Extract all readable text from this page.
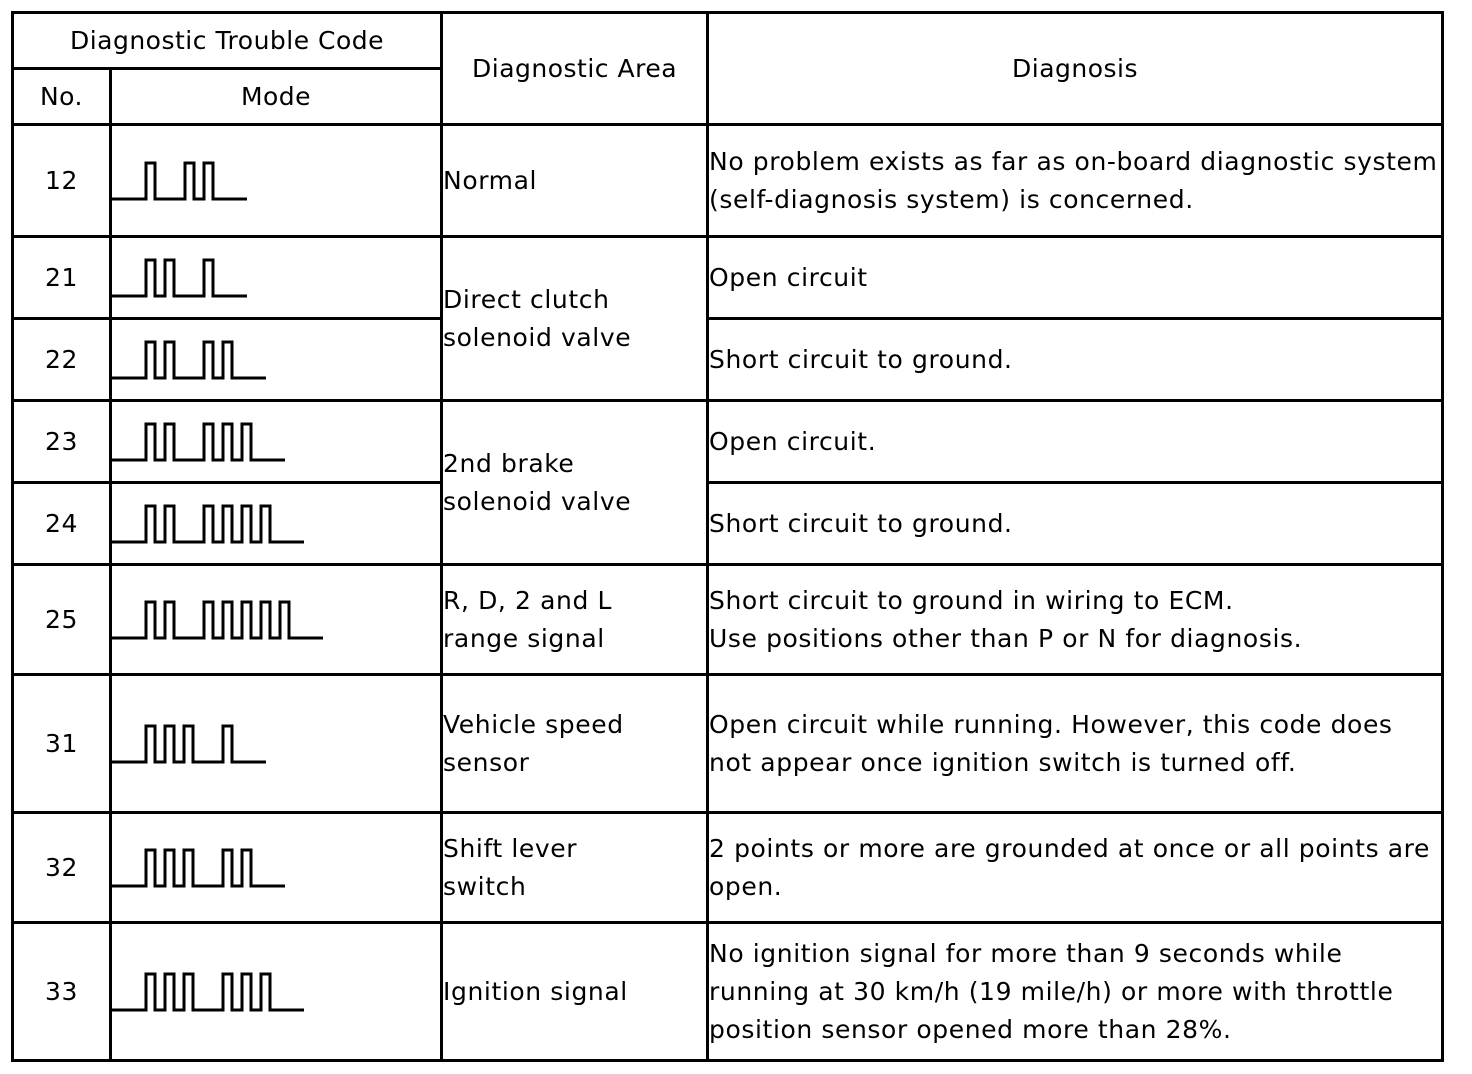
Diagnostic Trouble Code		Diagnostic Area	Diagnosis
No.	Mode		
12		Normal	No problem exists as far as on-board diagnostic system (self-diagnosis system) is concerned.
21		Direct clutch solenoid valve	Open circuit
22			Short circuit to ground.
23		2nd brake solenoid valve	Open circuit.
24			Short circuit to ground.
25		R, D, 2 and L range signal	Short circuit to ground in wiring to ECM.
Use positions other than P or N for diagnosis.

31		Vehicle speed sensor	Open circuit while running. However, this code does not appear once ignition switch is turned off.
32		Shift lever switch	2 points or more are grounded at once or all points are open.
33		Ignition signal	No ignition signal for more than 9 seconds while running at 30 km/h (19 mile/h) or more with throttle position sensor opened more than 28%.
